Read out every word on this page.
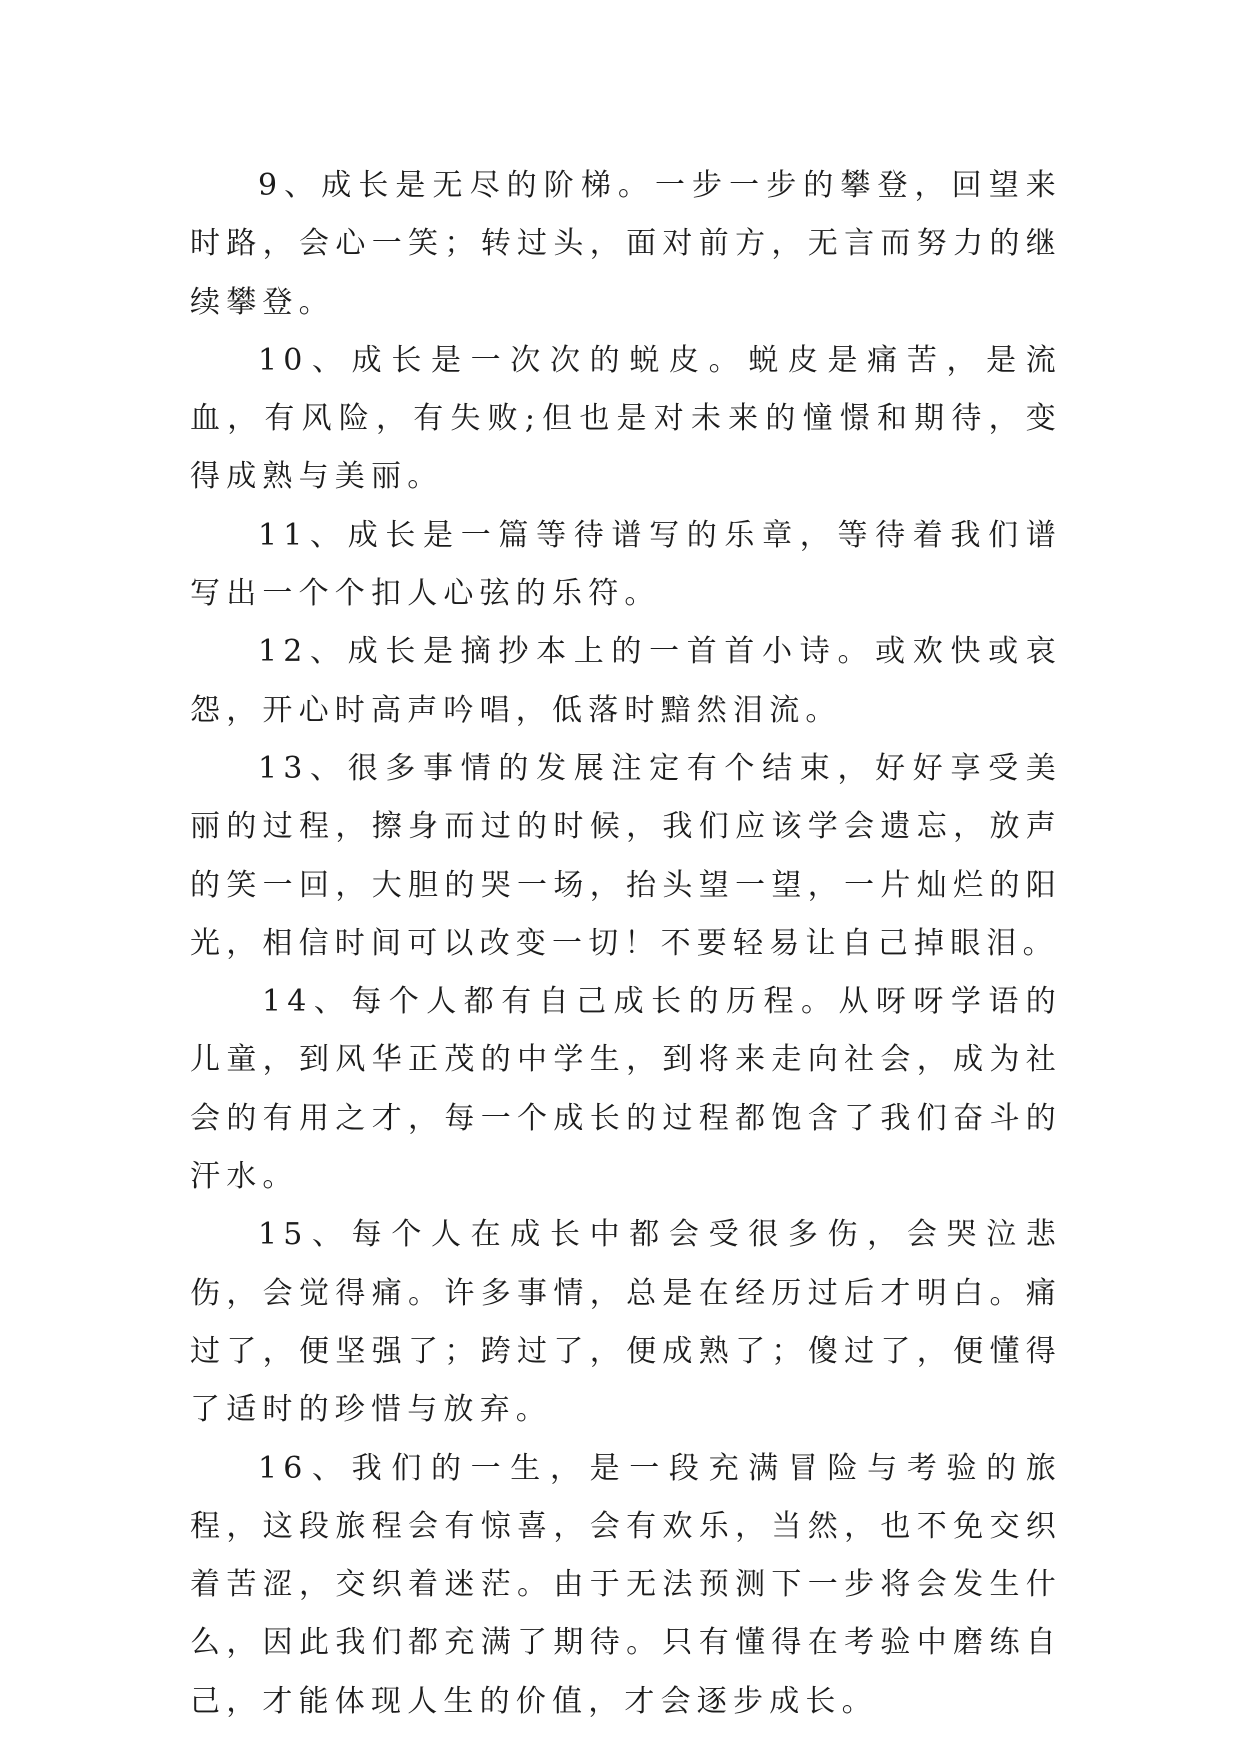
9、成长是无尽的阶梯。一步一步的攀登，回望来时路，会心一笑；转过头，面对前方，无言而努力的继续攀登。

10、成长是一次次的蜕皮。蜕皮是痛苦，是流血，有风险，有失败;但也是对未来的憧憬和期待，变得成熟与美丽。

11、成长是一篇等待谱写的乐章，等待着我们谱写出一个个扣人心弦的乐符。

12、成长是摘抄本上的一首首小诗。或欢快或哀怨，开心时高声吟唱，低落时黯然泪流。

13、很多事情的发展注定有个结束，好好享受美丽的过程，擦身而过的时候，我们应该学会遗忘，放声的笑一回，大胆的哭一场，抬头望一望，一片灿烂的阳光，相信时间可以改变一切！不要轻易让自己掉眼泪。

14、每个人都有自己成长的历程。从呀呀学语的儿童，到风华正茂的中学生，到将来走向社会，成为社会的有用之才，每一个成长的过程都饱含了我们奋斗的汗水。

15、每个人在成长中都会受很多伤，会哭泣悲伤，会觉得痛。许多事情，总是在经历过后才明白。痛过了，便坚强了；跨过了，便成熟了；傻过了，便懂得了适时的珍惜与放弃。

16、我们的一生，是一段充满冒险与考验的旅程，这段旅程会有惊喜，会有欢乐，当然，也不免交织着苦涩，交织着迷茫。由于无法预测下一步将会发生什么，因此我们都充满了期待。只有懂得在考验中磨练自己，才能体现人生的价值，才会逐步成长。
